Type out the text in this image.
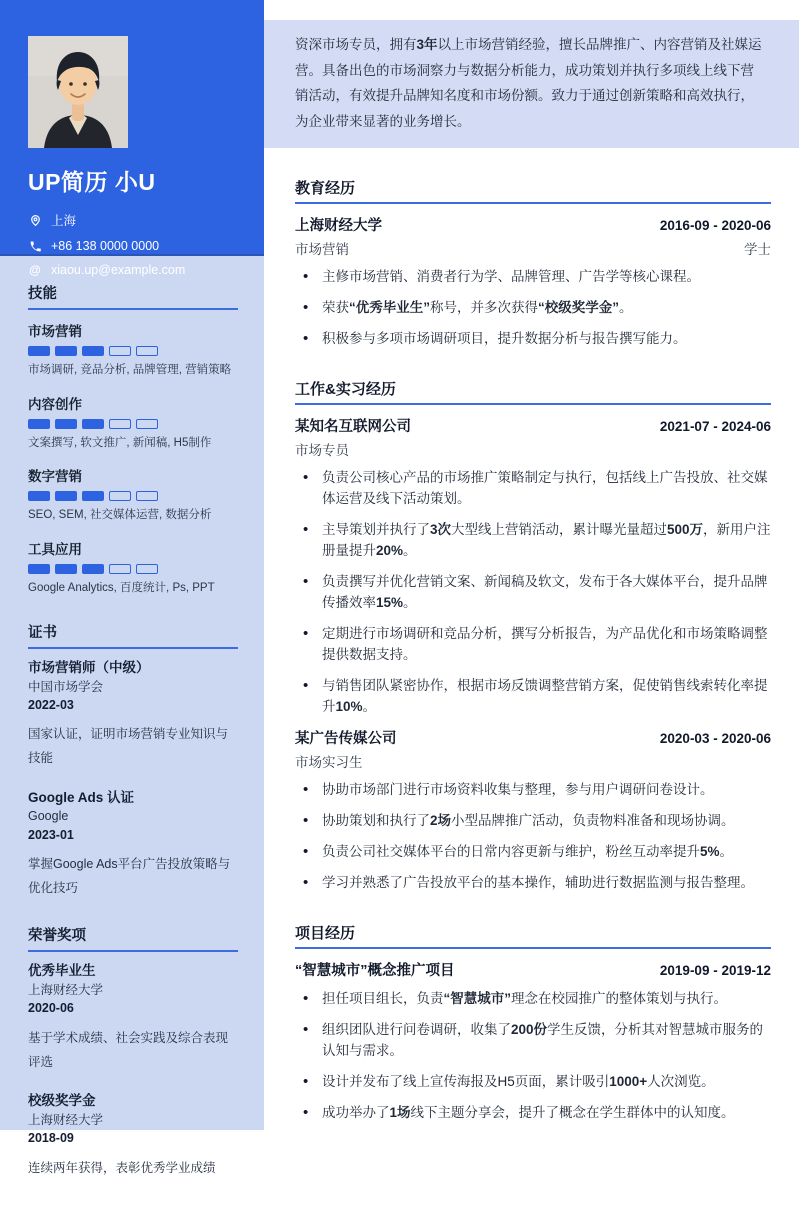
UP简历 小U
上海
+86 138 0000 0000
@ xiaou.up@example.com
技能
市场营销
市场调研, 竞品分析, 品牌管理, 营销策略
内容创作
文案撰写, 软文推广, 新闻稿, H5制作
数字营销
SEO, SEM, 社交媒体运营, 数据分析
工具应用
Google Analytics, 百度统计, Ps, PPT
证书
市场营销师（中级）
中国市场学会
2022-03
国家认证，证明市场营销专业知识与技能
Google Ads 认证
Google
2023-01
掌握Google Ads平台广告投放策略与优化技巧
荣誉奖项
优秀毕业生
上海财经大学
2020-06
基于学术成绩、社会实践及综合表现评选
校级奖学金
上海财经大学
2018-09
连续两年获得，表彰优秀学业成绩
资深市场专员，拥有3年以上市场营销经验，擅长品牌推广、内容营销及社媒运营。具备出色的市场洞察力与数据分析能力，成功策划并执行多项线上线下营销活动，有效提升品牌知名度和市场份额。致力于通过创新策略和高效执行，为企业带来显著的业务增长。
教育经历
上海财经大学	2016-09 - 2020-06
市场营销	学士
• 主修市场营销、消费者行为学、品牌管理、广告学等核心课程。
• 荣获“优秀毕业生”称号，并多次获得“校级奖学金”。
• 积极参与多项市场调研项目，提升数据分析与报告撰写能力。
工作&实习经历
某知名互联网公司	2021-07 - 2024-06
市场专员
• 负责公司核心产品的市场推广策略制定与执行，包括线上广告投放、社交媒体运营及线下活动策划。
• 主导策划并执行了3次大型线上营销活动，累计曝光量超过500万，新用户注册量提升20%。
• 负责撰写并优化营销文案、新闻稿及软文，发布于各大媒体平台，提升品牌传播效率15%。
• 定期进行市场调研和竞品分析，撰写分析报告，为产品优化和市场策略调整提供数据支持。
• 与销售团队紧密协作，根据市场反馈调整营销方案，促使销售线索转化率提升10%。
某广告传媒公司	2020-03 - 2020-06
市场实习生
• 协助市场部门进行市场资料收集与整理，参与用户调研问卷设计。
• 协助策划和执行了2场小型品牌推广活动，负责物料准备和现场协调。
• 负责公司社交媒体平台的日常内容更新与维护，粉丝互动率提升5%。
• 学习并熟悉了广告投放平台的基本操作，辅助进行数据监测与报告整理。
项目经历
“智慧城市”概念推广项目	2019-09 - 2019-12
• 担任项目组长，负责“智慧城市”理念在校园推广的整体策划与执行。
• 组织团队进行问卷调研，收集了200份学生反馈，分析其对智慧城市服务的认知与需求。
• 设计并发布了线上宣传海报及H5页面，累计吸引1000+人次浏览。
• 成功举办了1场线下主题分享会，提升了概念在学生群体中的认知度。
